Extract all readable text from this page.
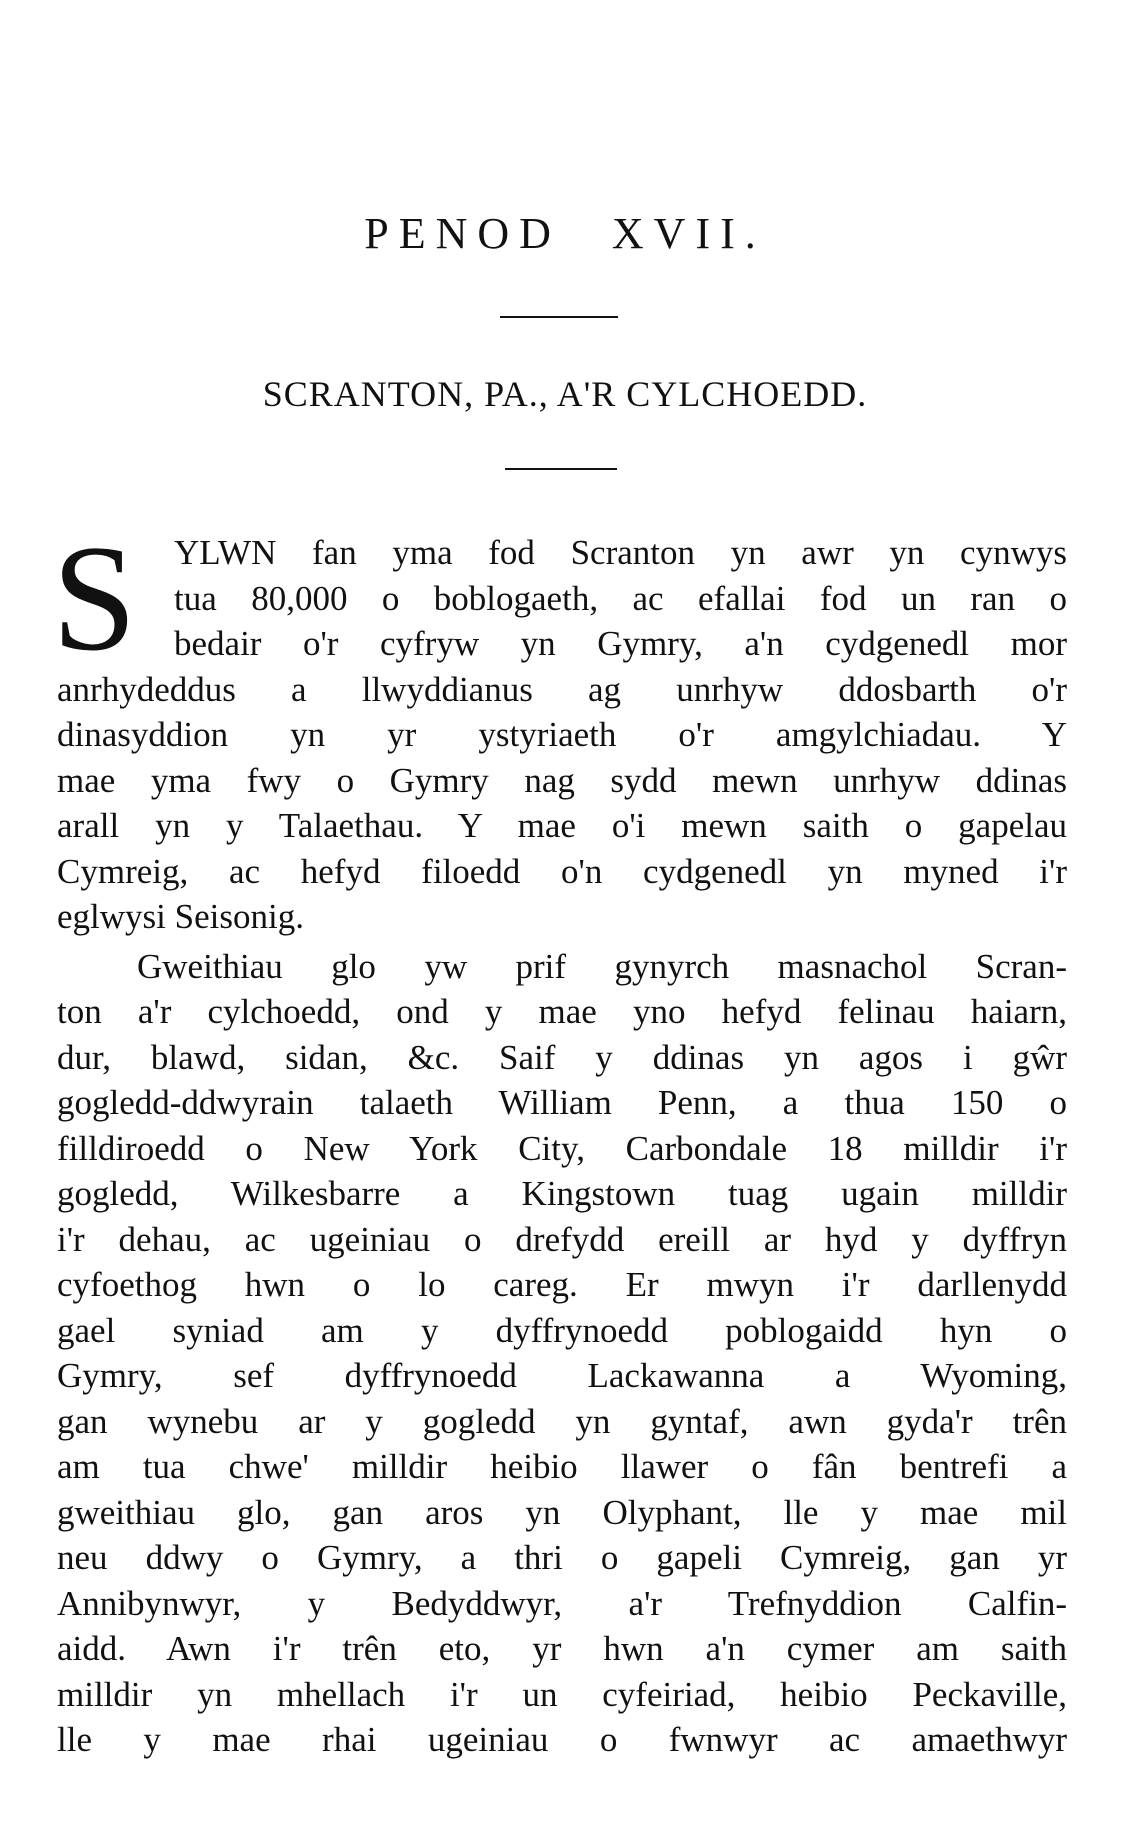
PENOD XVII.
SCRANTON, PA., A'R CYLCHOEDD.
S YLWN fan yma fod Scranton yn awr yn cynwys
tua 80,000 o boblogaeth, ac efallai fod un ran o
bedair o'r cyfryw yn Gymry, a'n cydgenedl mor
anrhydeddus a llwyddianus ag unrhyw ddosbarth o'r
dinasyddion yn yr ystyriaeth o'r amgylchiadau. Y
mae yma fwy o Gymry nag sydd mewn unrhyw ddinas
arall yn y Talaethau. Y mae o'i mewn saith o gapelau
Cymreig, ac hefyd filoedd o'n cydgenedl yn myned i'r
eglwysi Seisonig.
Gweithiau glo yw prif gynyrch masnachol Scran-
ton a'r cylchoedd, ond y mae yno hefyd felinau haiarn,
dur, blawd, sidan, &c. Saif y ddinas yn agos i gŵr
gogledd-ddwyrain talaeth William Penn, a thua 150 o
filldiroedd o New York City, Carbondale 18 milldir i'r
gogledd, Wilkesbarre a Kingstown tuag ugain milldir
i'r dehau, ac ugeiniau o drefydd ereill ar hyd y dyffryn
cyfoethog hwn o lo careg. Er mwyn i'r darllenydd
gael syniad am y dyffrynoedd poblogaidd hyn o
Gymry, sef dyffrynoedd Lackawanna a Wyoming,
gan wynebu ar y gogledd yn gyntaf, awn gyda'r trên
am tua chwe' milldir heibio llawer o fân bentrefi a
gweithiau glo, gan aros yn Olyphant, lle y mae mil
neu ddwy o Gymry, a thri o gapeli Cymreig, gan yr
Annibynwyr, y Bedyddwyr, a'r Trefnyddion Calfin-
aidd. Awn i'r trên eto, yr hwn a'n cymer am saith
milldir yn mhellach i'r un cyfeiriad, heibio Peckaville,
lle y mae rhai ugeiniau o fwnwyr ac amaethwyr
